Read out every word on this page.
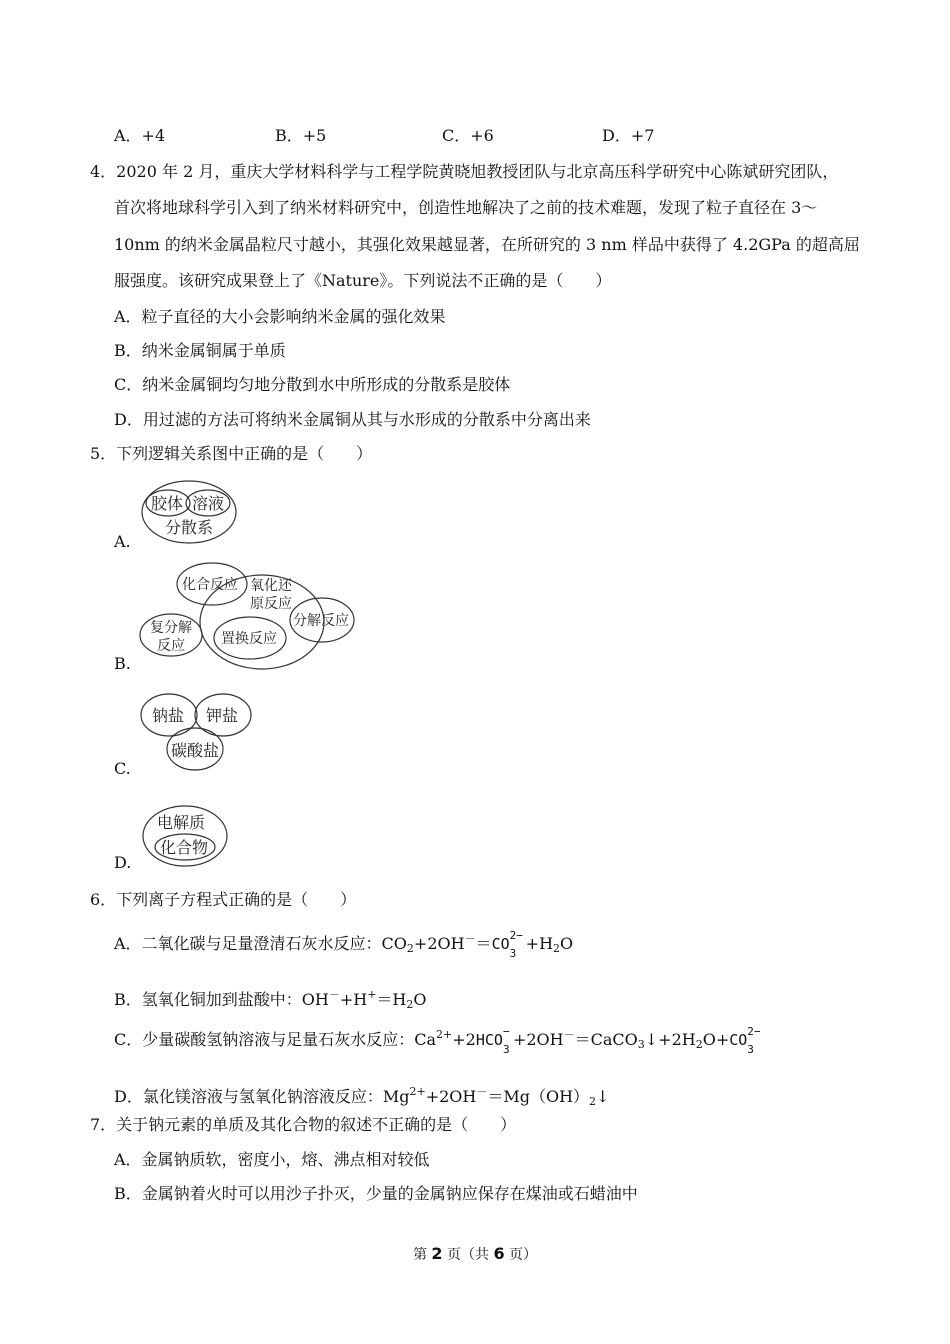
A．+4	B．+5	C．+6	D．+7
4．2020 年 2 月，重庆大学材料科学与工程学院黄晓旭教授团队与北京高压科学研究中心陈斌研究团队，
首次将地球科学引入到了纳米材料研究中，创造性地解决了之前的技术难题，发现了粒子直径在 3～
10nm 的纳米金属晶粒尺寸越小，其强化效果越显著，在所研究的 3 nm 样品中获得了 4.2GPa 的超高屈
服强度。该研究成果登上了《Nature》。下列说法不正确的是（　　）
A．粒子直径的大小会影响纳米金属的强化效果
B．纳米金属铜属于单质
C．纳米金属铜均匀地分散到水中所形成的分散系是胶体
D．用过滤的方法可将纳米金属铜从其与水形成的分散系中分离出来
5．下列逻辑关系图中正确的是（　　）
A.
胶体 溶液
分散系
B.
化合反应 氧化还
原反应
分解反应
复分解
反应	置换反应
C.
钠盐 钾盐
碳酸盐
D.
电解质
化合物
6．下列离子方程式正确的是（　　）
A．二氧化碳与足量澄清石灰水反应：$CO_2+2OH^-=CO$ 2−
3
$+H_2O$
B．氢氧化铜加到盐酸中：$OH^-+H^+=H_2O$
C．少量碳酸氢钠溶液与足量石灰水反应：$Ca^{2+}+2HCO$ −
3
$+2OH^-=CaCO_3↓+2H_2O+CO$ 2−
3
D．氯化镁溶液与氢氧化钠溶液反应：$Mg^{2+}+2OH^-=Mg(OH)_2↓$
7．关于钠元素的单质及其化合物的叙述不正确的是（　　）
A．金属钠质软，密度小，熔、沸点相对较低
B．金属钠着火时可以用沙子扑灭，少量的金属钠应保存在煤油或石蜡油中
第 2 页（共 6 页）
